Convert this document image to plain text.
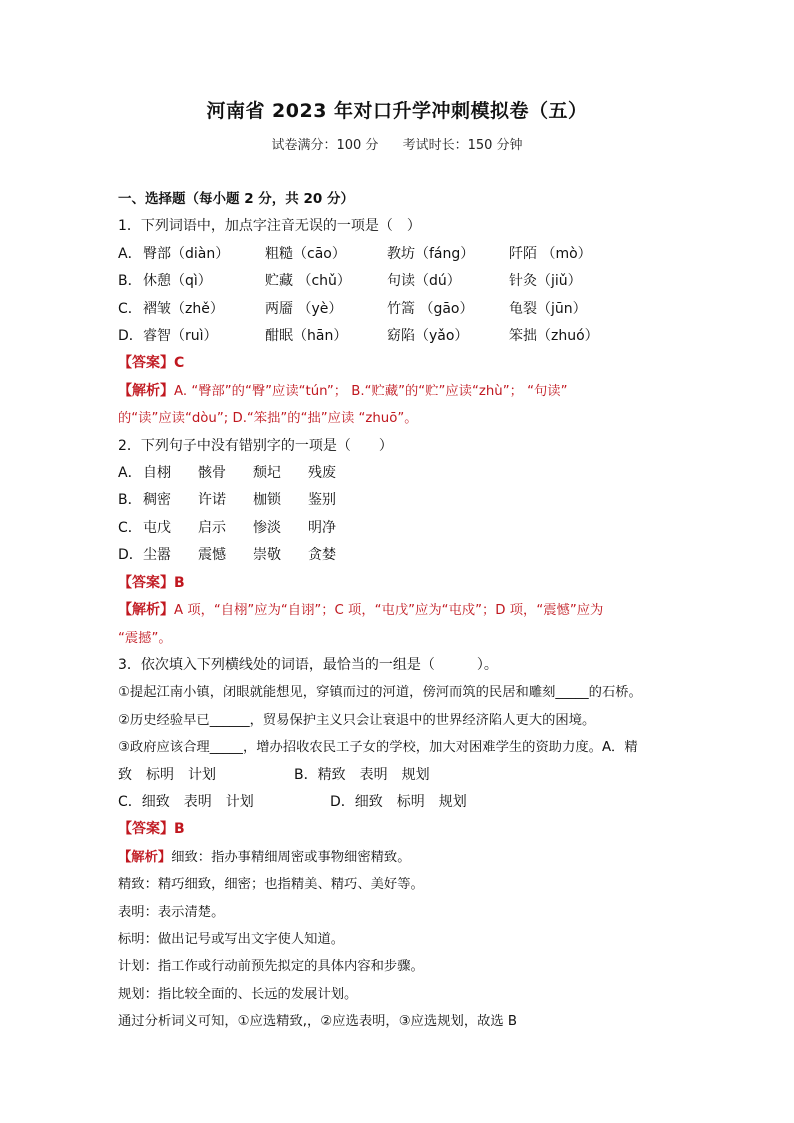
河南省 2023 年对口升学冲刺模拟卷（五）
试卷满分：100 分 考试时长：150 分钟
一、选择题（每小题 2 分，共 20 分）
1．下列词语中，加点字注音无误的一项是（　）
A． 臀部（diàn）	粗糙（cāo）	教坊（fáng）	阡陌 （mò）
B． 休憩（qì）	贮藏 （chǔ）	句读（dú）	针灸（jiǔ）
C． 褶皱（zhě）	两靥 （yè）	竹篙 （gāo）	龟裂（jūn）
D． 睿智（ruì）	酣眠（hān）	窈陷（yǎo）	笨拙（zhuó）
【答案】C
【解析】A. “臀部”的“臀”应读“tún”； B.“贮藏”的“贮”应读“zhù”； “句读”
的“读”应读“dòu”; D.“笨拙”的“拙”应读 “zhuō”。
2．下列句子中没有错别字的一项是（　　）
A． 自栩	骸骨	颓圮	残废
B． 稠密	许诺	枷锁	鉴别
C． 屯戊	启示	惨淡	明净
D． 尘嚣	震憾	崇敬	贪婪
【答案】B
【解析】A 项，“自栩”应为“自诩”；C 项，“屯戊”应为“屯戍”；D 项，“震憾”应为
“震撼”。
3．依次填入下列横线处的词语，最恰当的一组是（　　　）。
①提起江南小镇，闭眼就能想见，穿镇而过的河道，傍河而筑的民居和雕刻_____的石桥。
②历史经验早已______，贸易保护主义只会让衰退中的世界经济陷人更大的困境。
③政府应该合理_____，增办招收农民工子女的学校，加大对困难学生的资助力度。A．精
致　标明　计划	B．精致　表明　规划
C．细致　表明　计划	D．细致　标明　规划
【答案】B
【解析】细致：指办事精细周密或事物细密精致。
精致：精巧细致，细密；也指精美、精巧、美好等。
表明：表示清楚。
标明：做出记号或写出文字使人知道。
计划：指工作或行动前预先拟定的具体内容和步骤。
规划：指比较全面的、长远的发展计划。
通过分析词义可知，①应选精致,，②应选表明，③应选规划，故选 B
